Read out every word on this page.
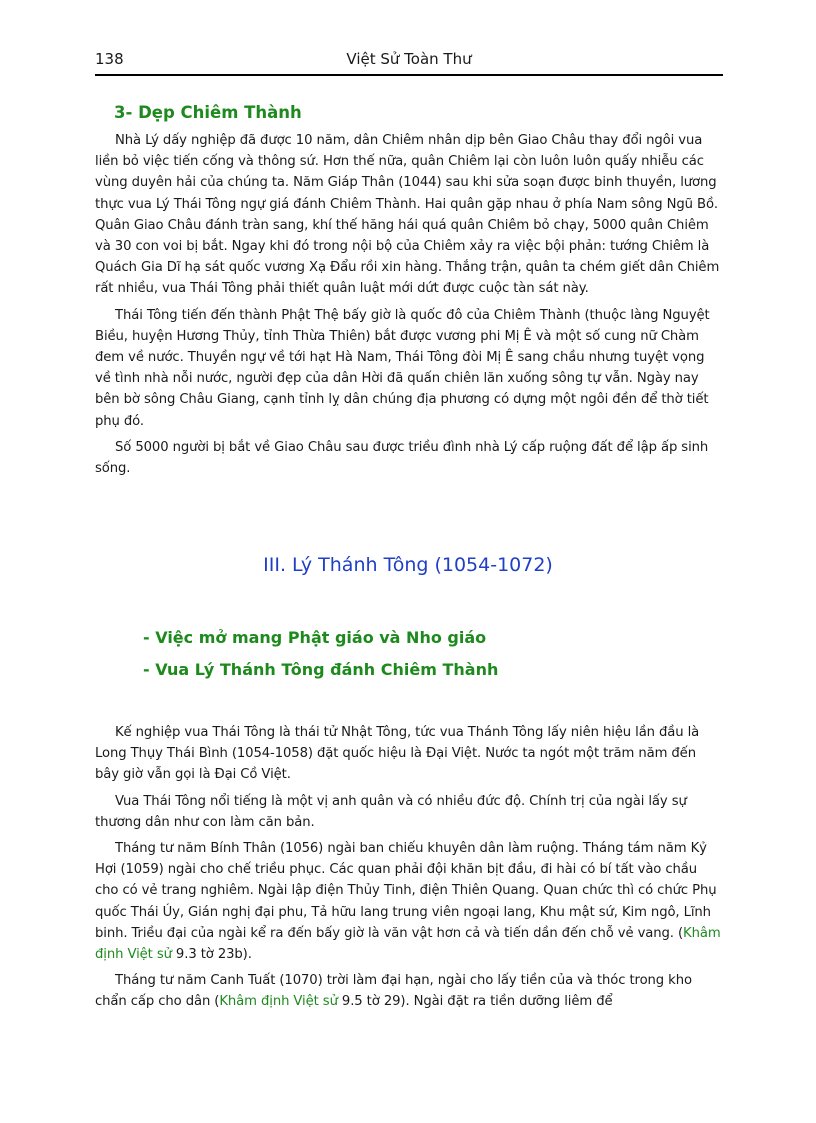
138	Việt Sử Toàn Thư
3- Dẹp Chiêm Thành

Nhà Lý dấy nghiệp đã được 10 năm, dân Chiêm nhân dịp bên Giao Châu thay đổi ngôi vua liền bỏ việc tiến cống và thông sứ. Hơn thế nữa, quân Chiêm lại còn luôn luôn quấy nhiễu các vùng duyên hải của chúng ta. Năm Giáp Thân (1044) sau khi sửa soạn được binh thuyền, lương thực vua Lý Thái Tông ngự giá đánh Chiêm Thành. Hai quân gặp nhau ở phía Nam sông Ngũ Bồ. Quân Giao Châu đánh tràn sang, khí thế hăng hái quá quân Chiêm bỏ chạy, 5000 quân Chiêm và 30 con voi bị bắt. Ngay khi đó trong nội bộ của Chiêm xảy ra việc bội phản: tướng Chiêm là Quách Gia Dĩ hạ sát quốc vương Xạ Đẩu rồi xin hàng. Thắng trận, quân ta chém giết dân Chiêm rất nhiều, vua Thái Tông phải thiết quân luật mới dứt được cuộc tàn sát này.

Thái Tông tiến đến thành Phật Thệ bấy giờ là quốc đô của Chiêm Thành (thuộc làng Nguyệt Biều, huyện Hương Thủy, tỉnh Thừa Thiên) bắt được vương phi Mị Ê và một số cung nữ Chàm đem về nước. Thuyền ngự về tới hạt Hà Nam, Thái Tông đòi Mị Ê sang chầu nhưng tuyệt vọng về tình nhà nỗi nước, người đẹp của dân Hời đã quấn chiên lăn xuống sông tự vẫn. Ngày nay bên bờ sông Châu Giang, cạnh tỉnh lỵ dân chúng địa phương có dựng một ngôi đền để thờ tiết phụ đó.

Số 5000 người bị bắt về Giao Châu sau được triều đình nhà Lý cấp ruộng đất để lập ấp sinh sống.

III. Lý Thánh Tông (1054-1072)
- Việc mở mang Phật giáo và Nho giáo
- Vua Lý Thánh Tông đánh Chiêm Thành

Kế nghiệp vua Thái Tông là thái tử Nhật Tông, tức vua Thánh Tông lấy niên hiệu lần đầu là Long Thụy Thái Bình (1054-1058) đặt quốc hiệu là Đại Việt. Nước ta ngót một trăm năm đến bây giờ vẫn gọi là Đại Cồ Việt.

Vua Thái Tông nổi tiếng là một vị anh quân và có nhiều đức độ. Chính trị của ngài lấy sự thương dân như con làm căn bản.

Tháng tư năm Bính Thân (1056) ngài ban chiếu khuyên dân làm ruộng. Tháng tám năm Kỷ Hợi (1059) ngài cho chế triều phục. Các quan phải đội khăn bịt đầu, đi hài có bí tất vào chầu cho có vẻ trang nghiêm. Ngài lập điện Thủy Tinh, điện Thiên Quang. Quan chức thì có chức Phụ quốc Thái Úy, Gián nghị đại phu, Tả hữu lang trung viên ngoại lang, Khu mật sứ, Kim ngô, Lĩnh binh. Triều đại của ngài kể ra đến bấy giờ là văn vật hơn cả và tiến dần đến chỗ vẻ vang. (Khâm định Việt sử 9.3 tờ 23b).

Tháng tư năm Canh Tuất (1070) trời làm đại hạn, ngài cho lấy tiền của và thóc trong kho chẩn cấp cho dân (Khâm định Việt sử 9.5 tờ 29). Ngài đặt ra tiền dưỡng liêm để
